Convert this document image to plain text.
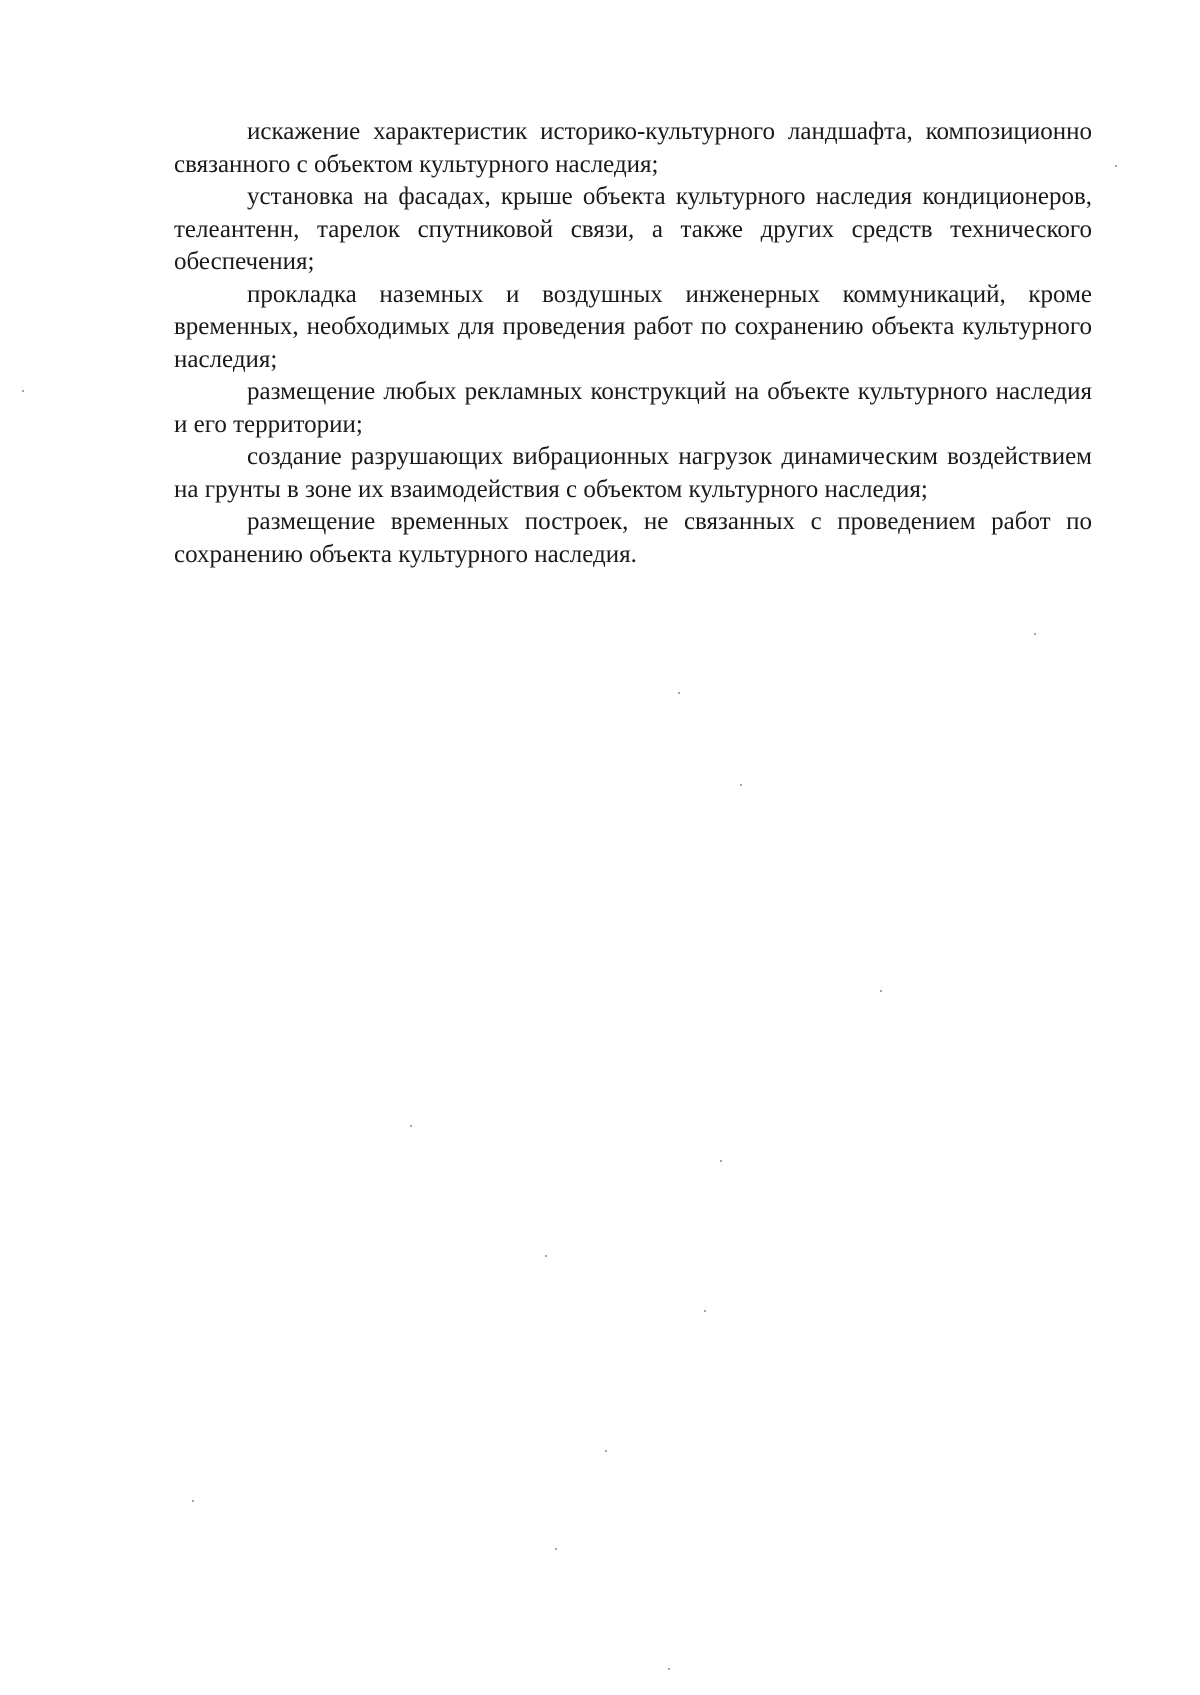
искажение характеристик историко-культурного ландшафта, композиционно связанного с объектом культурного наследия;

установка на фасадах, крыше объекта культурного наследия кондиционеров, телеантенн, тарелок спутниковой связи, а также других средств технического обеспечения;

прокладка наземных и воздушных инженерных коммуникаций, кроме временных, необходимых для проведения работ по сохранению объекта культурного наследия;

размещение любых рекламных конструкций на объекте культурного наследия и его территории;

создание разрушающих вибрационных нагрузок динамическим воздействием на грунты в зоне их взаимодействия с объектом культурного наследия;

размещение временных построек, не связанных с проведением работ по сохранению объекта культурного наследия.
